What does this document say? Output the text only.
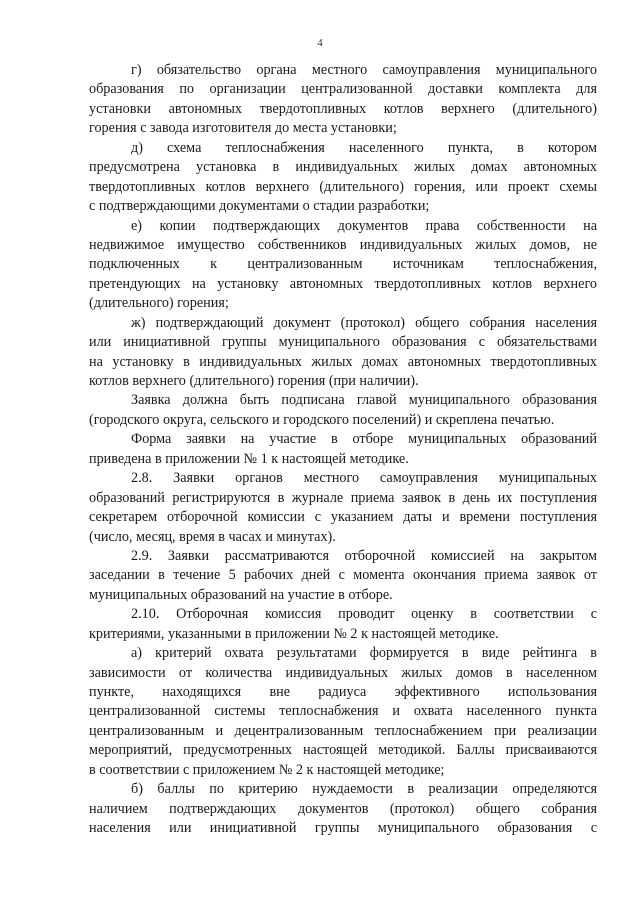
4
г) обязательство органа местного самоуправления муниципального
образования по организации централизованной доставки комплекта для
установки автономных твердотопливных котлов верхнего (длительного)
горения с завода изготовителя до места установки;
д) схема теплоснабжения населенного пункта, в котором
предусмотрена установка в индивидуальных жилых домах автономных
твердотопливных котлов верхнего (длительного) горения, или проект схемы
с подтверждающими документами о стадии разработки;
е) копии подтверждающих документов права собственности на
недвижимое имущество собственников индивидуальных жилых домов, не
подключенных к централизованным источникам теплоснабжения,
претендующих на установку автономных твердотопливных котлов верхнего
(длительного) горения;
ж) подтверждающий документ (протокол) общего собрания населения
или инициативной группы муниципального образования с обязательствами
на установку в индивидуальных жилых домах автономных твердотопливных
котлов верхнего (длительного) горения (при наличии).
Заявка должна быть подписана главой муниципального образования
(городского округа, сельского и городского поселений) и скреплена печатью.
Форма заявки на участие в отборе муниципальных образований
приведена в приложении № 1 к настоящей методике.
2.8. Заявки органов местного самоуправления муниципальных
образований регистрируются в журнале приема заявок в день их поступления
секретарем отборочной комиссии с указанием даты и времени поступления
(число, месяц, время в часах и минутах).
2.9. Заявки рассматриваются отборочной комиссией на закрытом
заседании в течение 5 рабочих дней с момента окончания приема заявок от
муниципальных образований на участие в отборе.
2.10. Отборочная комиссия проводит оценку в соответствии с
критериями, указанными в приложении № 2 к настоящей методике.
а) критерий охвата результатами формируется в виде рейтинга в
зависимости от количества индивидуальных жилых домов в населенном
пункте, находящихся вне радиуса эффективного использования
централизованной системы теплоснабжения и охвата населенного пункта
централизованным и децентрализованным теплоснабжением при реализации
мероприятий, предусмотренных настоящей методикой. Баллы присваиваются
в соответствии с приложением № 2 к настоящей методике;
б) баллы по критерию нуждаемости в реализации определяются
наличием подтверждающих документов (протокол) общего собрания
населения или инициативной группы муниципального образования с
